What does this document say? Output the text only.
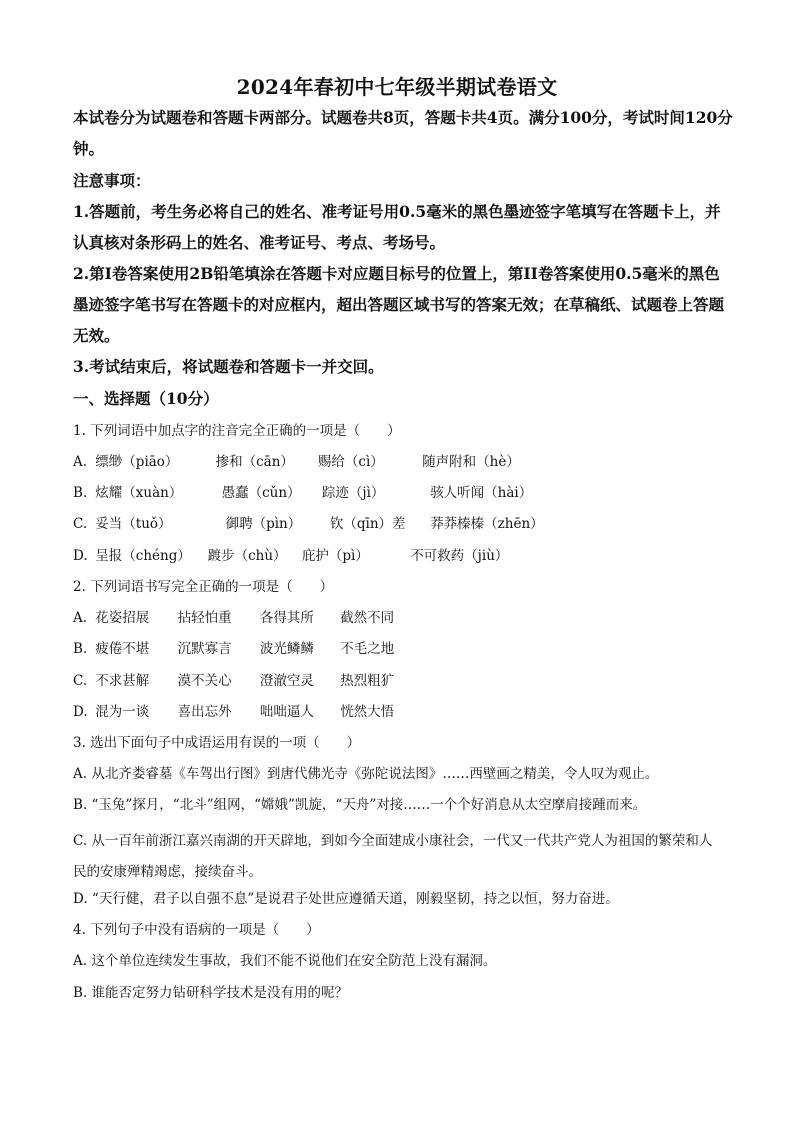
2024年春初中七年级半期试卷语文
本试卷分为试题卷和答题卡两部分。试题卷共8页，答题卡共4页。满分100分，考试时间120分钟。
注意事项：
1.答题前，考生务必将自己的姓名、准考证号用0.5毫米的黑色墨迹签字笔填写在答题卡上，并认真核对条形码上的姓名、准考证号、考点、考场号。
2.第Ⅰ卷答案使用2B铅笔填涂在答题卡对应题目标号的位置上，第II卷答案使用0.5毫米的黑色墨迹签字笔书写在答题卡的对应框内，超出答题区域书写的答案无效；在草稿纸、试题卷上答题无效。
3.考试结束后，将试题卷和答题卡一并交回。
一、选择题（10分）
1. 下列词语中加点字的注音完全正确的一项是（　　）
A. 缥缈（piāo）	掺和（cān） 赐给（cì）	随声附和（hè）
B. 炫耀（xuàn）	愚蠢（cǔn） 踪迹（jì）	骇人听闻（hài）
C. 妥当（tuǒ）	御聘（pìn） 钦（qīn）差 莽莽榛榛（zhēn）
D. 呈报（chéng） 踱步（chù） 庇护（pì）	不可救药（jiù）
2. 下列词语书写完全正确的一项是（　　）
A. 花姿招展 拈轻怕重 各得其所 截然不同
B. 疲倦不堪 沉默寡言 波光鳞鳞 不毛之地
C. 不求甚解 漠不关心 澄澈空灵 热烈粗犷
D. 混为一谈 喜出忘外 咄咄逼人 恍然大悟
3. 选出下面句子中成语运用有误的一项（　　）
A. 从北齐娄睿墓《车驾出行图》到唐代佛光寺《弥陀说法图》……西壁画之精美，令人叹为观止。
B. “玉兔”探月，“北斗”组网，“嫦娥”凯旋，“天舟”对接……一个个好消息从太空摩肩接踵而来。
C. 从一百年前浙江嘉兴南湖的开天辟地，到如今全面建成小康社会，一代又一代共产党人为祖国的繁荣和人民的安康殚精竭虑，接续奋斗。
D. “天行健，君子以自强不息”是说君子处世应遵循天道，刚毅坚韧，持之以恒，努力奋进。
4. 下列句子中没有语病的一项是（　　）
A. 这个单位连续发生事故，我们不能不说他们在安全防范上没有漏洞。
B. 谁能否定努力钻研科学技术是没有用的呢？
